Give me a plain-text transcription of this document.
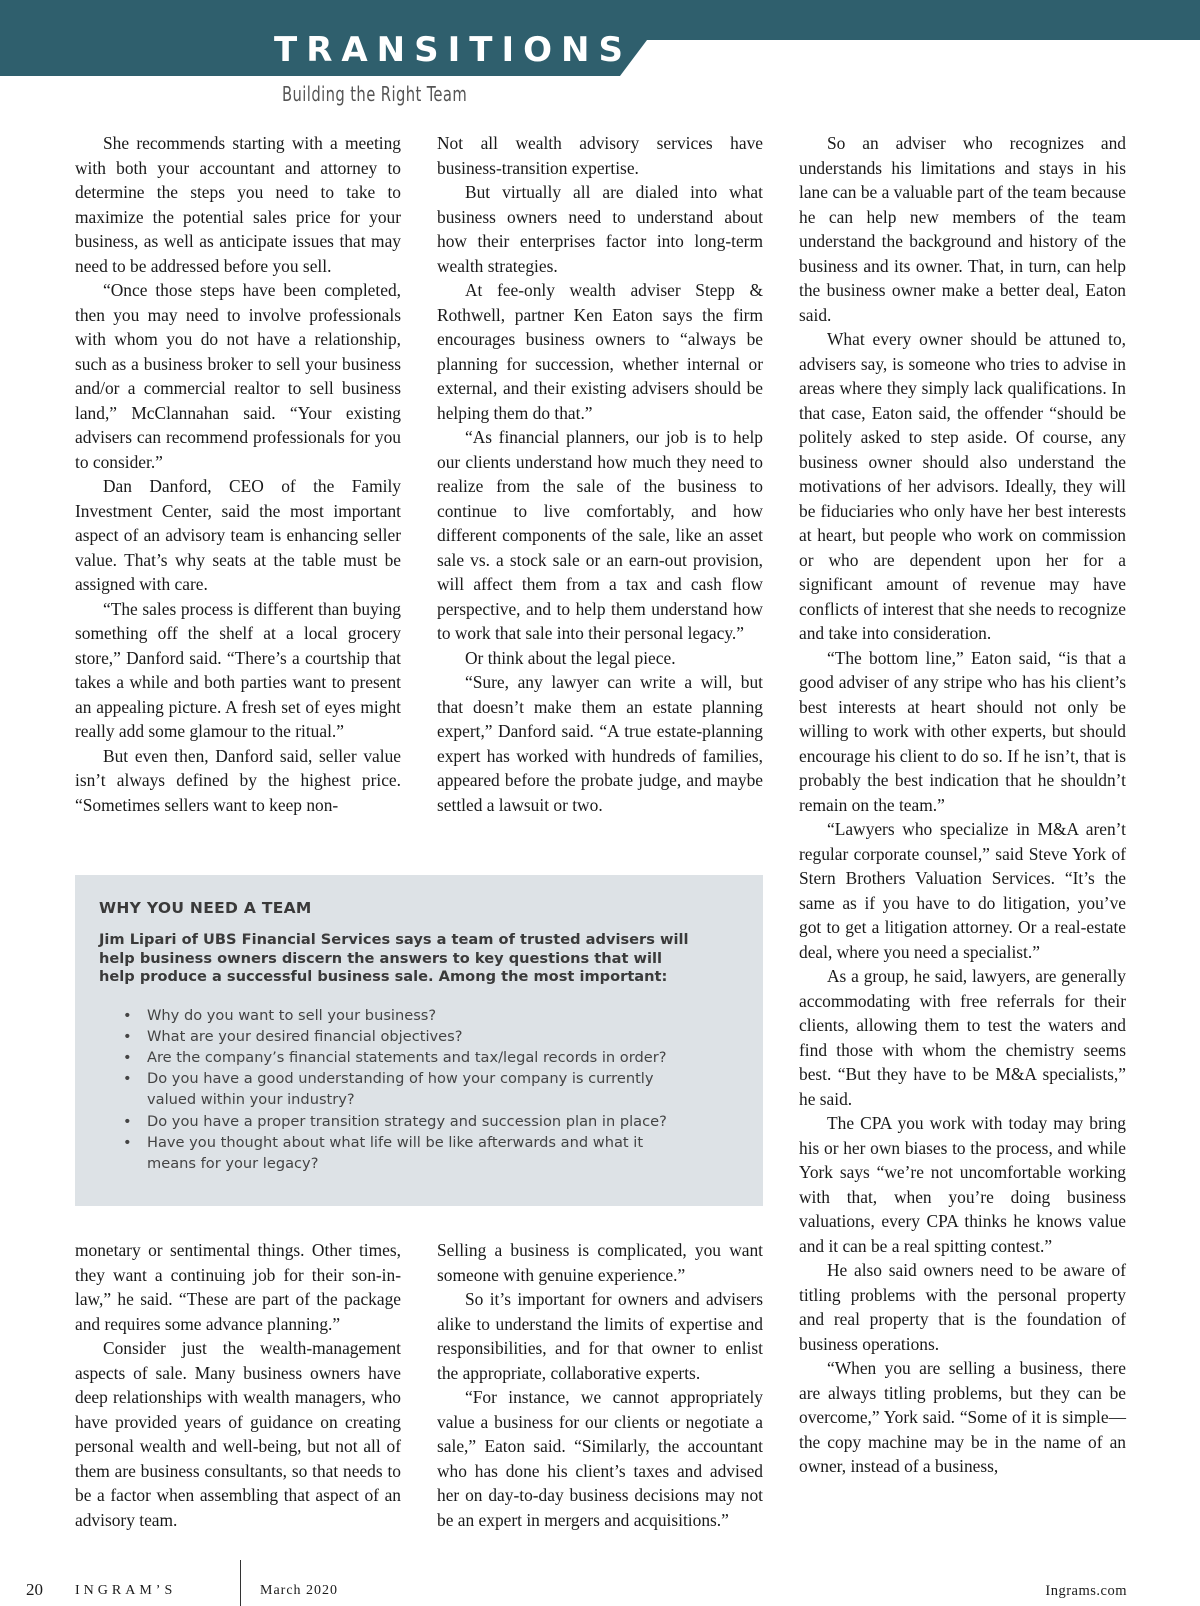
TRANSITIONS
Building the Right Team

She recommends starting with a meeting with both your accountant and attorney to determine the steps you need to take to maximize the potential sales price for your business, as well as anticipate issues that may need to be addressed before you sell.

“Once those steps have been completed, then you may need to involve professionals with whom you do not have a relationship, such as a business broker to sell your business and/or a commercial realtor to sell business land,” McClannahan said. “Your existing advisers can recommend professionals for you to consider.”

Dan Danford, CEO of the Family Investment Center, said the most important aspect of an advisory team is enhancing seller value. That’s why seats at the table must be assigned with care.

“The sales process is different than buying something off the shelf at a local grocery store,” Danford said. “There’s a courtship that takes a while and both parties want to present an appealing picture. A fresh set of eyes might really add some glamour to the ritual.”

But even then, Danford said, seller value isn’t always defined by the highest price. “Sometimes sellers want to keep non-

Not all wealth advisory services have business-transition expertise.

But virtually all are dialed into what business owners need to understand about how their enterprises factor into long-term wealth strategies.

At fee-only wealth adviser Stepp & Rothwell, partner Ken Eaton says the firm encourages business owners to “always be planning for succession, whether internal or external, and their existing advisers should be helping them do that.”

“As financial planners, our job is to help our clients understand how much they need to realize from the sale of the business to continue to live comfortably, and how different components of the sale, like an asset sale vs. a stock sale or an earn-out provision, will affect them from a tax and cash flow perspective, and to help them understand how to work that sale into their personal legacy.”

Or think about the legal piece.

“Sure, any lawyer can write a will, but that doesn’t make them an estate planning expert,” Danford said. “A true estate-planning expert has worked with hundreds of families, appeared before the probate judge, and maybe settled a lawsuit or two.

So an adviser who recognizes and understands his limitations and stays in his lane can be a valuable part of the team because he can help new members of the team understand the background and history of the business and its owner. That, in turn, can help the business owner make a better deal, Eaton said.

What every owner should be attuned to, advisers say, is someone who tries to advise in areas where they simply lack qualifications. In that case, Eaton said, the offender “should be politely asked to step aside. Of course, any business owner should also understand the motivations of her advisors. Ideally, they will be fiduciaries who only have her best interests at heart, but people who work on commission or who are dependent upon her for a significant amount of revenue may have conflicts of interest that she needs to recognize and take into consideration.

“The bottom line,” Eaton said, “is that a good adviser of any stripe who has his client’s best interests at heart should not only be willing to work with other experts, but should encourage his client to do so. If he isn’t, that is probably the best indication that he shouldn’t remain on the team.”

“Lawyers who specialize in M&A aren’t regular corporate counsel,” said Steve York of Stern Brothers Valuation Services. “It’s the same as if you have to do litigation, you’ve got to get a litigation attorney. Or a real-estate deal, where you need a specialist.”

As a group, he said, lawyers, are generally accommodating with free referrals for their clients, allowing them to test the waters and find those with whom the chemistry seems best. “But they have to be M&A specialists,” he said.

The CPA you work with today may bring his or her own biases to the process, and while York says “we’re not uncomfortable working with that, when you’re doing business valuations, every CPA thinks he knows value and it can be a real spitting contest.”

He also said owners need to be aware of titling problems with the personal property and real property that is the foundation of business operations.

“When you are selling a business, there are always titling problems, but they can be overcome,” York said. “Some of it is simple—the copy machine may be in the name of an owner, instead of a business,

WHY YOU NEED A TEAM
Jim Lipari of UBS Financial Services says a team of trusted advisers will help business owners discern the answers to key questions that will help produce a successful business sale. Among the most important:
• Why do you want to sell your business?
• What are your desired financial objectives?
• Are the company’s financial statements and tax/legal records in order?
• Do you have a good understanding of how your company is currently valued within your industry?
• Do you have a proper transition strategy and succession plan in place?
• Have you thought about what life will be like afterwards and what it means for your legacy?

monetary or sentimental things. Other times, they want a continuing job for their son-in-law,” he said. “These are part of the package and requires some advance planning.”

Consider just the wealth-management aspects of sale. Many business owners have deep relationships with wealth managers, who have provided years of guidance on creating personal wealth and well-being, but not all of them are business consultants, so that needs to be a factor when assembling that aspect of an advisory team.

Selling a business is complicated, you want someone with genuine experience.”

So it’s important for owners and advisers alike to understand the limits of expertise and responsibilities, and for that owner to enlist the appropriate, collaborative experts.

“For instance, we cannot appropriately value a business for our clients or negotiate a sale,” Eaton said. “Similarly, the accountant who has done his client’s taxes and advised her on day-to-day business decisions may not be an expert in mergers and acquisitions.”

20 INGRAM’S	March 2020	Ingrams.com
